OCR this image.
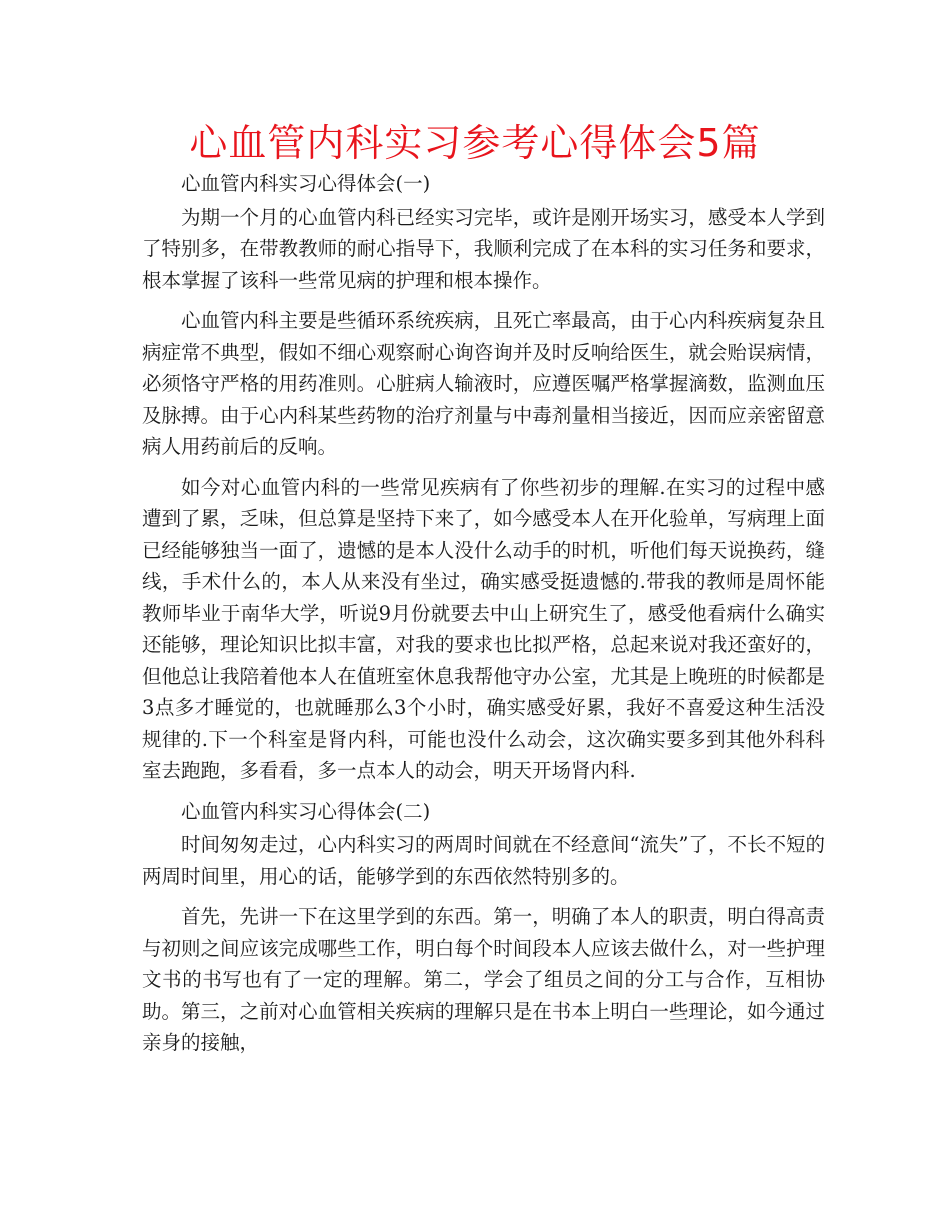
心血管内科实习参考心得体会5篇

心血管内科实习心得体会(一)

为期一个月的心血管内科已经实习完毕，或许是刚开场实习，感受本人学到了特别多，在带教教师的耐心指导下，我顺利完成了在本科的实习任务和要求，根本掌握了该科一些常见病的护理和根本操作。

心血管内科主要是些循环系统疾病，且死亡率最高，由于心内科疾病复杂且病症常不典型，假如不细心观察耐心询咨询并及时反响给医生，就会贻误病情，必须恪守严格的用药准则。心脏病人输液时，应遵医嘱严格掌握滴数，监测血压及脉搏。由于心内科某些药物的治疗剂量与中毒剂量相当接近，因而应亲密留意病人用药前后的反响。

如今对心血管内科的一些常见疾病有了你些初步的理解.在实习的过程中感遭到了累，乏味，但总算是坚持下来了，如今感受本人在开化验单，写病理上面已经能够独当一面了，遗憾的是本人没什么动手的时机，听他们每天说换药，缝线，手术什么的，本人从来没有坐过，确实感受挺遗憾的.带我的教师是周怀能教师毕业于南华大学，听说9月份就要去中山上研究生了，感受他看病什么确实还能够，理论知识比拟丰富，对我的要求也比拟严格，总起来说对我还蛮好的，但他总让我陪着他本人在值班室休息我帮他守办公室，尤其是上晚班的时候都是3点多才睡觉的，也就睡那么3个小时，确实感受好累，我好不喜爱这种生活没规律的.下一个科室是肾内科，可能也没什么动会，这次确实要多到其他外科科室去跑跑，多看看，多一点本人的动会，明天开场肾内科.

心血管内科实习心得体会(二)

时间匆匆走过，心内科实习的两周时间就在不经意间“流失”了，不长不短的两周时间里，用心的话，能够学到的东西依然特别多的。

首先，先讲一下在这里学到的东西。第一，明确了本人的职责，明白得高责与初则之间应该完成哪些工作，明白每个时间段本人应该去做什么，对一些护理文书的书写也有了一定的理解。第二，学会了组员之间的分工与合作，互相协助。第三，之前对心血管相关疾病的理解只是在书本上明白一些理论，如今通过亲身的接触，
